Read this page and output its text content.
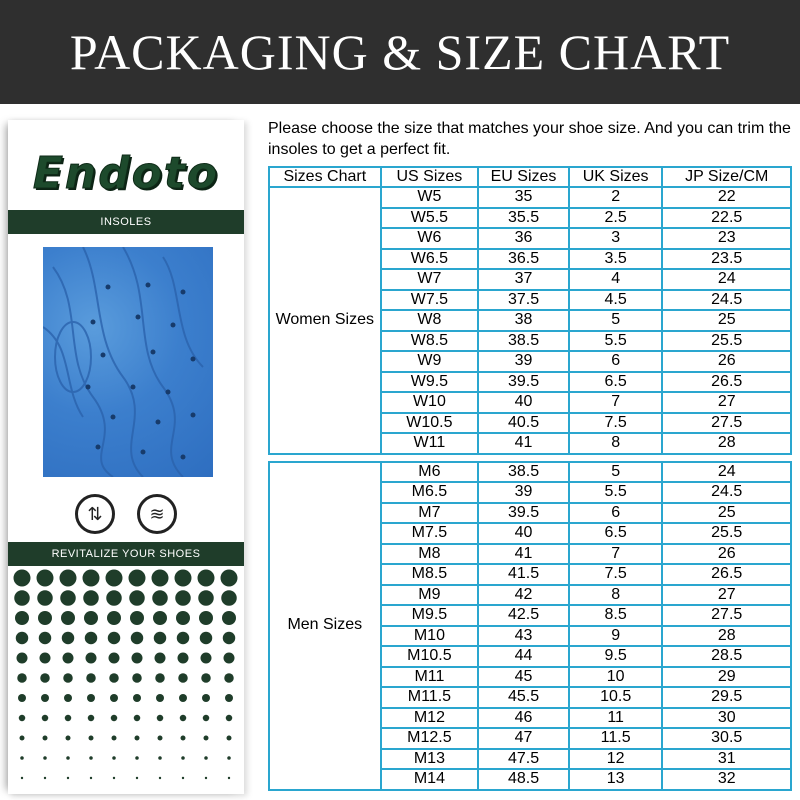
PACKAGING & SIZE CHART
Endoto
INSOLES
⇅	≋
REVITALIZE YOUR SHOES
Please choose the size that matches your shoe size. And you can trim the insoles to get a perfect fit.
Sizes Chart	US Sizes	EU Sizes	UK Sizes	JP Size/CM
Women Sizes	W5	35	2	22
	W5.5	35.5	2.5	22.5
	W6	36	3	23
	W6.5	36.5	3.5	23.5
	W7	37	4	24
	W7.5	37.5	4.5	24.5
	W8	38	5	25
	W8.5	38.5	5.5	25.5
	W9	39	6	26
	W9.5	39.5	6.5	26.5
	W10	40	7	27
	W10.5	40.5	7.5	27.5
	W11	41	8	28

Men Sizes	M6	38.5	5	24
	M6.5	39	5.5	24.5
	M7	39.5	6	25
	M7.5	40	6.5	25.5
	M8	41	7	26
	M8.5	41.5	7.5	26.5
	M9	42	8	27
	M9.5	42.5	8.5	27.5
	M10	43	9	28
	M10.5	44	9.5	28.5
	M11	45	10	29
	M11.5	45.5	10.5	29.5
	M12	46	11	30
	M12.5	47	11.5	30.5
	M13	47.5	12	31
	M14	48.5	13	32
